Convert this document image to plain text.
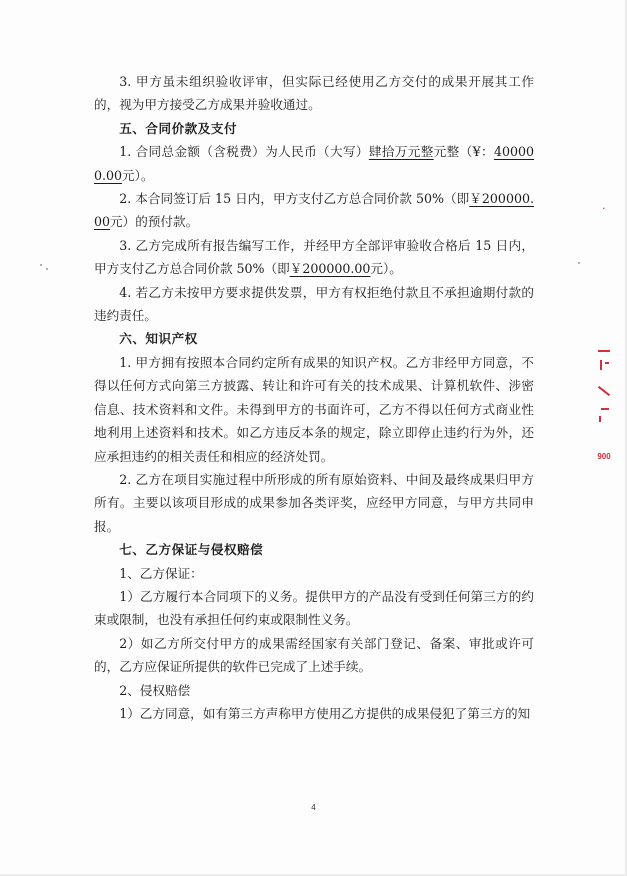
3. 甲方虽未组织验收评审，但实际已经使用乙方交付的成果开展其工作的，视为甲方接受乙方成果并验收通过。

五、合同价款及支付

1. 合同总金额（含税费）为人民币（大写）肆拾万元整元整（¥：400000.00元）。

2. 本合同签订后 15 日内，甲方支付乙方总合同价款 50%（即￥200000.00元）的预付款。

3. 乙方完成所有报告编写工作，并经甲方全部评审验收合格后 15 日内，甲方支付乙方总合同价款 50%（即￥200000.00元）。

4. 若乙方未按甲方要求提供发票，甲方有权拒绝付款且不承担逾期付款的违约责任。

六、知识产权

1. 甲方拥有按照本合同约定所有成果的知识产权。乙方非经甲方同意，不得以任何方式向第三方披露、转让和许可有关的技术成果、计算机软件、涉密信息、技术资料和文件。未得到甲方的书面许可，乙方不得以任何方式商业性地利用上述资料和技术。如乙方违反本条的规定，除立即停止违约行为外，还应承担违约的相关责任和相应的经济处罚。

2. 乙方在项目实施过程中所形成的所有原始资料、中间及最终成果归甲方所有。主要以该项目形成的成果参加各类评奖，应经甲方同意，与甲方共同申报。

七、乙方保证与侵权赔偿

1、乙方保证：

1）乙方履行本合同项下的义务。提供甲方的产品没有受到任何第三方的约束或限制，也没有承担任何约束或限制性义务。

2）如乙方所交付甲方的成果需经国家有关部门登记、备案、审批或许可的，乙方应保证所提供的软件已完成了上述手续。

2、侵权赔偿

1）乙方同意，如有第三方声称甲方使用乙方提供的成果侵犯了第三方的知

4
·
900
